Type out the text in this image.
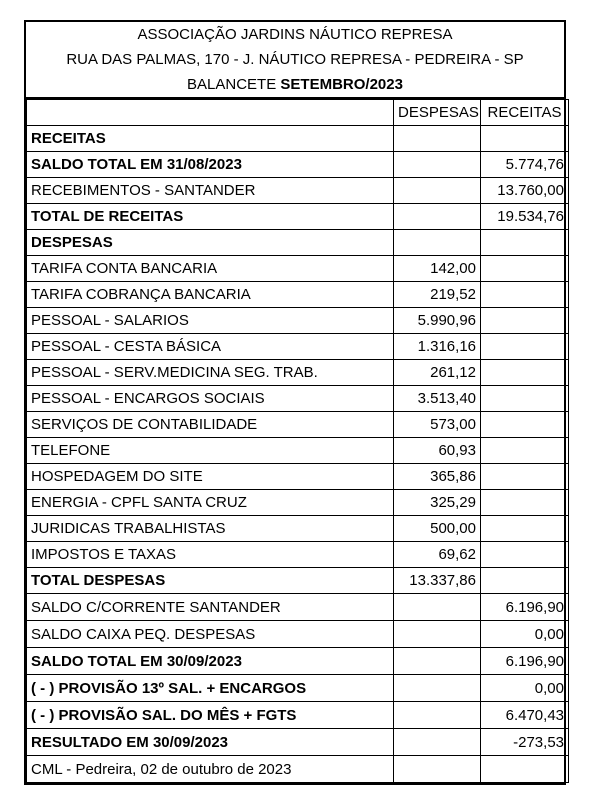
ASSOCIAÇÃO JARDINS NÁUTICO REPRESA
RUA DAS PALMAS, 170 - J. NÁUTICO REPRESA - PEDREIRA - SP
BALANCETE SETEMBRO/2023
	DESPESAS	RECEITAS
RECEITAS		
SALDO TOTAL EM 31/08/2023		5.774,76
RECEBIMENTOS - SANTANDER		13.760,00
TOTAL DE RECEITAS		19.534,76
DESPESAS		
TARIFA CONTA BANCARIA	142,00	
TARIFA COBRANÇA BANCARIA	219,52	
PESSOAL - SALARIOS	5.990,96	
PESSOAL - CESTA BÁSICA	1.316,16	
PESSOAL - SERV.MEDICINA SEG. TRAB.	261,12	
PESSOAL - ENCARGOS SOCIAIS	3.513,40	
SERVIÇOS DE CONTABILIDADE	573,00	
TELEFONE	60,93	
HOSPEDAGEM DO SITE	365,86	
ENERGIA - CPFL SANTA CRUZ	325,29	
JURIDICAS TRABALHISTAS	500,00	
IMPOSTOS E TAXAS	69,62	
TOTAL DESPESAS	13.337,86	
SALDO C/CORRENTE SANTANDER		6.196,90
SALDO CAIXA PEQ. DESPESAS		0,00
SALDO TOTAL EM 30/09/2023		6.196,90
( - ) PROVISÃO 13º SAL. + ENCARGOS		0,00
( - ) PROVISÃO SAL. DO MÊS + FGTS		6.470,43
RESULTADO EM 30/09/2023		-273,53
CML - Pedreira, 02 de outubro de 2023		
